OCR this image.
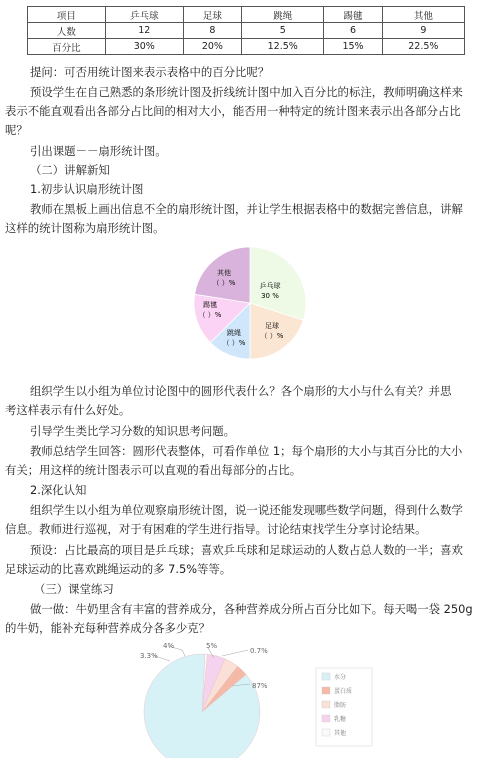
项目	乒乓球	足球	跳绳	踢毽	其他
人数	12	8	5	6	9
百分比	30%	20%	12.5%	15%	22.5%
提问：可否用统计图来表示表格中的百分比呢？
预设学生在自己熟悉的条形统计图及折线统计图中加入百分比的标注，教师明确这样来
表示不能直观看出各部分占比间的相对大小，能否用一种特定的统计图来表示出各部分占比
呢？
引出课题－－扇形统计图。
（二）讲解新知
1.初步认识扇形统计图
教师在黑板上画出信息不全的扇形统计图，并让学生根据表格中的数据完善信息，讲解
这样的统计图称为扇形统计图。
乒乓球
30 %
足球
（ ）%
跳绳
（ ）%
踢毽
（ ）%
其他
（ ）%
组织学生以小组为单位讨论图中的圆形代表什么？各个扇形的大小与什么有关？并思
考这样表示有什么好处。
引导学生类比学习分数的知识思考问题。
教师总结学生回答：圆形代表整体，可看作单位 1；每个扇形的大小与其百分比的大小
有关；用这样的统计图表示可以直观的看出每部分的占比。
2.深化认知
组织学生以小组为单位观察扇形统计图，说一说还能发现哪些数学问题，得到什么数学
信息。教师进行巡视，对于有困难的学生进行指导。讨论结束找学生分享讨论结果。
预设：占比最高的项目是乒乓球；喜欢乒乓球和足球运动的人数占总人数的一半；喜欢
足球运动的比喜欢跳绳运动的多 7.5%等等。
（三）课堂练习
做一做：牛奶里含有丰富的营养成分，各种营养成分所占百分比如下。每天喝一袋 250g
的牛奶，能补充每种营养成分各多少克？
3.3%
4%	5%
0.7%
87%
水分
蛋白质
脂肪
乳糖
其他
